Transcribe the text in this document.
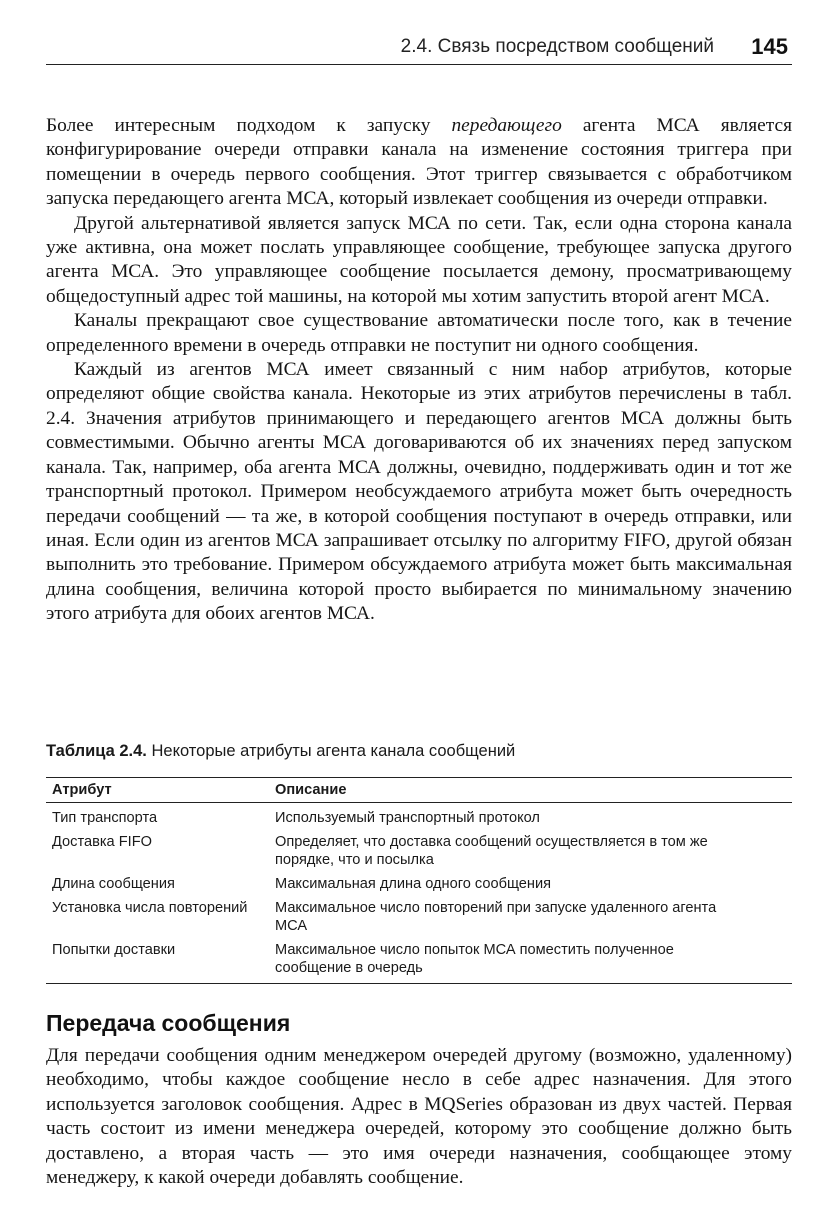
2.4. Связь посредством сообщений 145

Более интересным подходом к запуску передающего агента МСА является конфигурирование очереди отправки канала на изменение состояния триггера при помещении в очередь первого сообщения. Этот триггер связывается с обработчиком запуска передающего агента МСА, который извлекает сообщения из очереди отправки.

Другой альтернативой является запуск МСА по сети. Так, если одна сторона канала уже активна, она может послать управляющее сообщение, требующее запуска другого агента МСА. Это управляющее сообщение посылается демону, просматривающему общедоступный адрес той машины, на которой мы хотим запустить второй агент МСА.

Каналы прекращают свое существование автоматически после того, как в течение определенного времени в очередь отправки не поступит ни одного сообщения.

Каждый из агентов МСА имеет связанный с ним набор атрибутов, которые определяют общие свойства канала. Некоторые из этих атрибутов перечислены в табл. 2.4. Значения атрибутов принимающего и передающего агентов МСА должны быть совместимыми. Обычно агенты МСА договариваются об их значениях перед запуском канала. Так, например, оба агента МСА должны, очевидно, поддерживать один и тот же транспортный протокол. Примером необсуждаемого атрибута может быть очередность передачи сообщений — та же, в которой сообщения поступают в очередь отправки, или иная. Если один из агентов МСА запрашивает отсылку по алгоритму FIFO, другой обязан выполнить это требование. Примером обсуждаемого атрибута может быть максимальная длина сообщения, величина которой просто выбирается по минимальному значению этого атрибута для обоих агентов МСА.

Таблица 2.4. Некоторые атрибуты агента канала сообщений
Атрибут	Описание
Тип транспорта	Используемый транспортный протокол
Доставка FIFO	Определяет, что доставка сообщений осуществляется в том же порядке, что и посылка
Длина сообщения	Максимальная длина одного сообщения
Установка числа повторений	Максимальное число повторений при запуске удаленного агента МСА
Попытки доставки	Максимальное число попыток МСА поместить полученное сообщение в очередь
Передача сообщения

Для передачи сообщения одним менеджером очередей другому (возможно, удаленному) необходимо, чтобы каждое сообщение несло в себе адрес назначения. Для этого используется заголовок сообщения. Адрес в MQSeries образован из двух частей. Первая часть состоит из имени менеджера очередей, которому это сообщение должно быть доставлено, а вторая часть — это имя очереди назначения, сообщающее этому менеджеру, к какой очереди добавлять сообщение.
